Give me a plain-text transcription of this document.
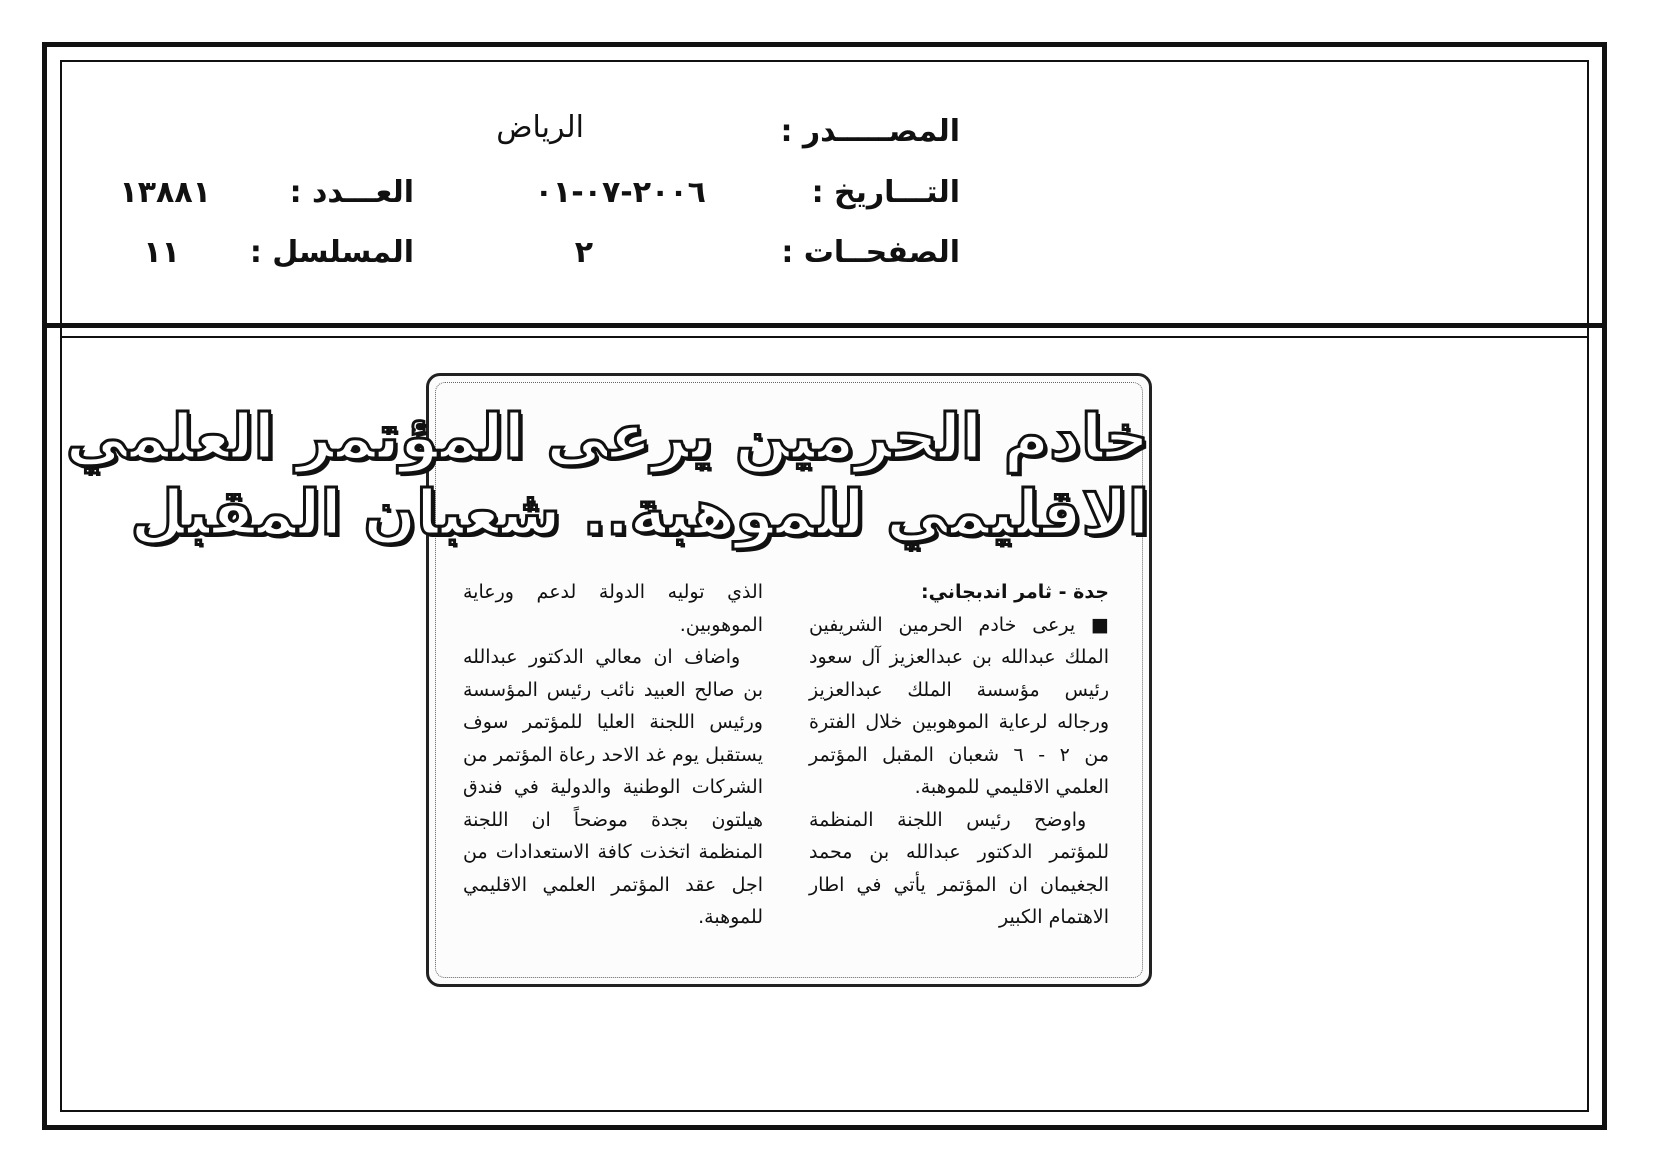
المصـــــدر :
الرياض
التـــاريخ :
٢٠٠٦-٠٧-٠١
العـــدد :
١٣٨٨١
الصفحــات :
٢
المسلسل :
١١
خادم الحرمين يرعى المؤتمر العلمي
الاقليمي للموهبة.. شعبان المقبل

جدة - ثامر اندبجاني:

■ يرعى خادم الحرمين الشريفين الملك عبدالله بن عبدالعزيز آل سعود رئيس مؤسسة الملك عبدالعزيز ورجاله لرعاية الموهوبين خلال الفترة من ٢ - ٦ شعبان المقبل المؤتمر العلمي الاقليمي للموهبة.

واوضح رئيس اللجنة المنظمة للمؤتمر الدكتور عبدالله بن محمد الجغيمان ان المؤتمر يأتي في اطار الاهتمام الكبير

الذي توليه الدولة لدعم ورعاية الموهوبين.

واضاف ان معالي الدكتور عبدالله بن صالح العبيد نائب رئيس المؤسسة ورئيس اللجنة العليا للمؤتمر سوف يستقبل يوم غد الاحد رعاة المؤتمر من الشركات الوطنية والدولية في فندق هيلتون بجدة موضحاً ان اللجنة المنظمة اتخذت كافة الاستعدادات من اجل عقد المؤتمر العلمي الاقليمي للموهبة.
